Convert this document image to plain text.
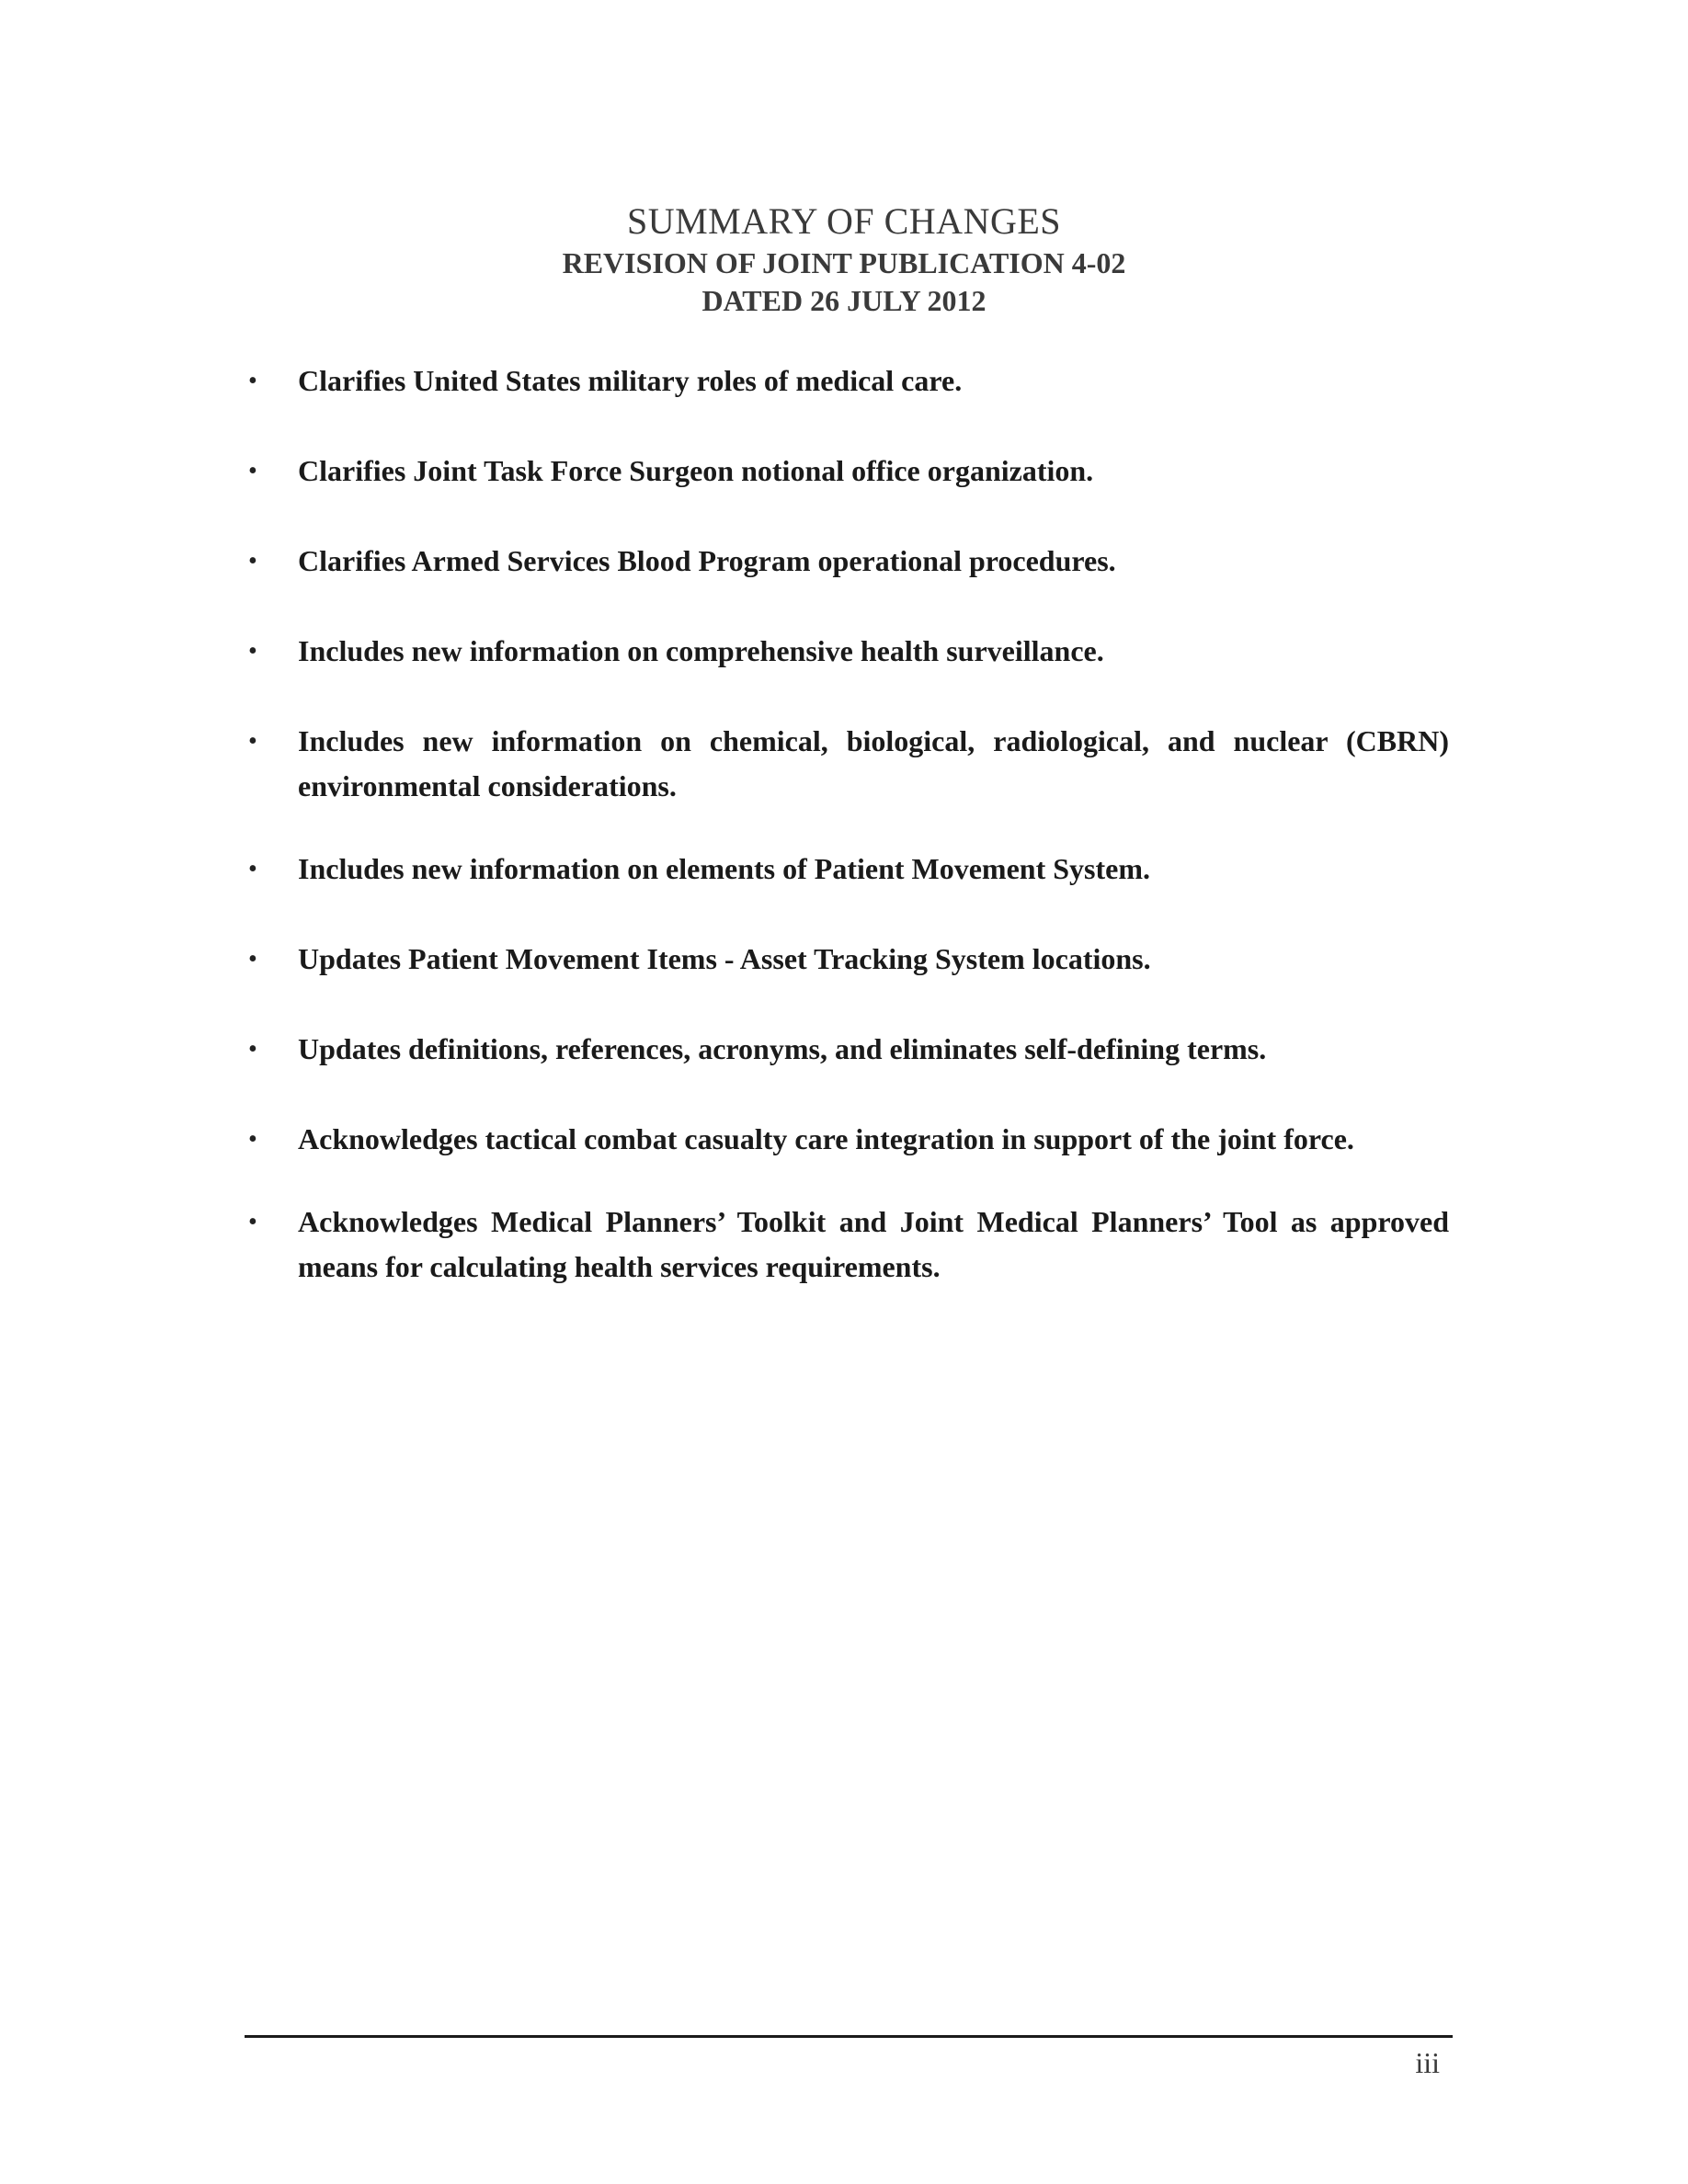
SUMMARY OF CHANGES
REVISION OF JOINT PUBLICATION 4-02
DATED 26 JULY 2012
•	Clarifies United States military roles of medical care.
•	Clarifies Joint Task Force Surgeon notional office organization.
•	Clarifies Armed Services Blood Program operational procedures.
•	Includes new information on comprehensive health surveillance.
•	Includes new information on chemical, biological, radiological, and nuclear (CBRN) environmental considerations.
•	Includes new information on elements of Patient Movement System.
•	Updates Patient Movement Items - Asset Tracking System locations.
•	Updates definitions, references, acronyms, and eliminates self-defining terms.
•	Acknowledges tactical combat casualty care integration in support of the joint force.
•	Acknowledges Medical Planners’ Toolkit and Joint Medical Planners’ Tool as approved means for calculating health services requirements.
iii
